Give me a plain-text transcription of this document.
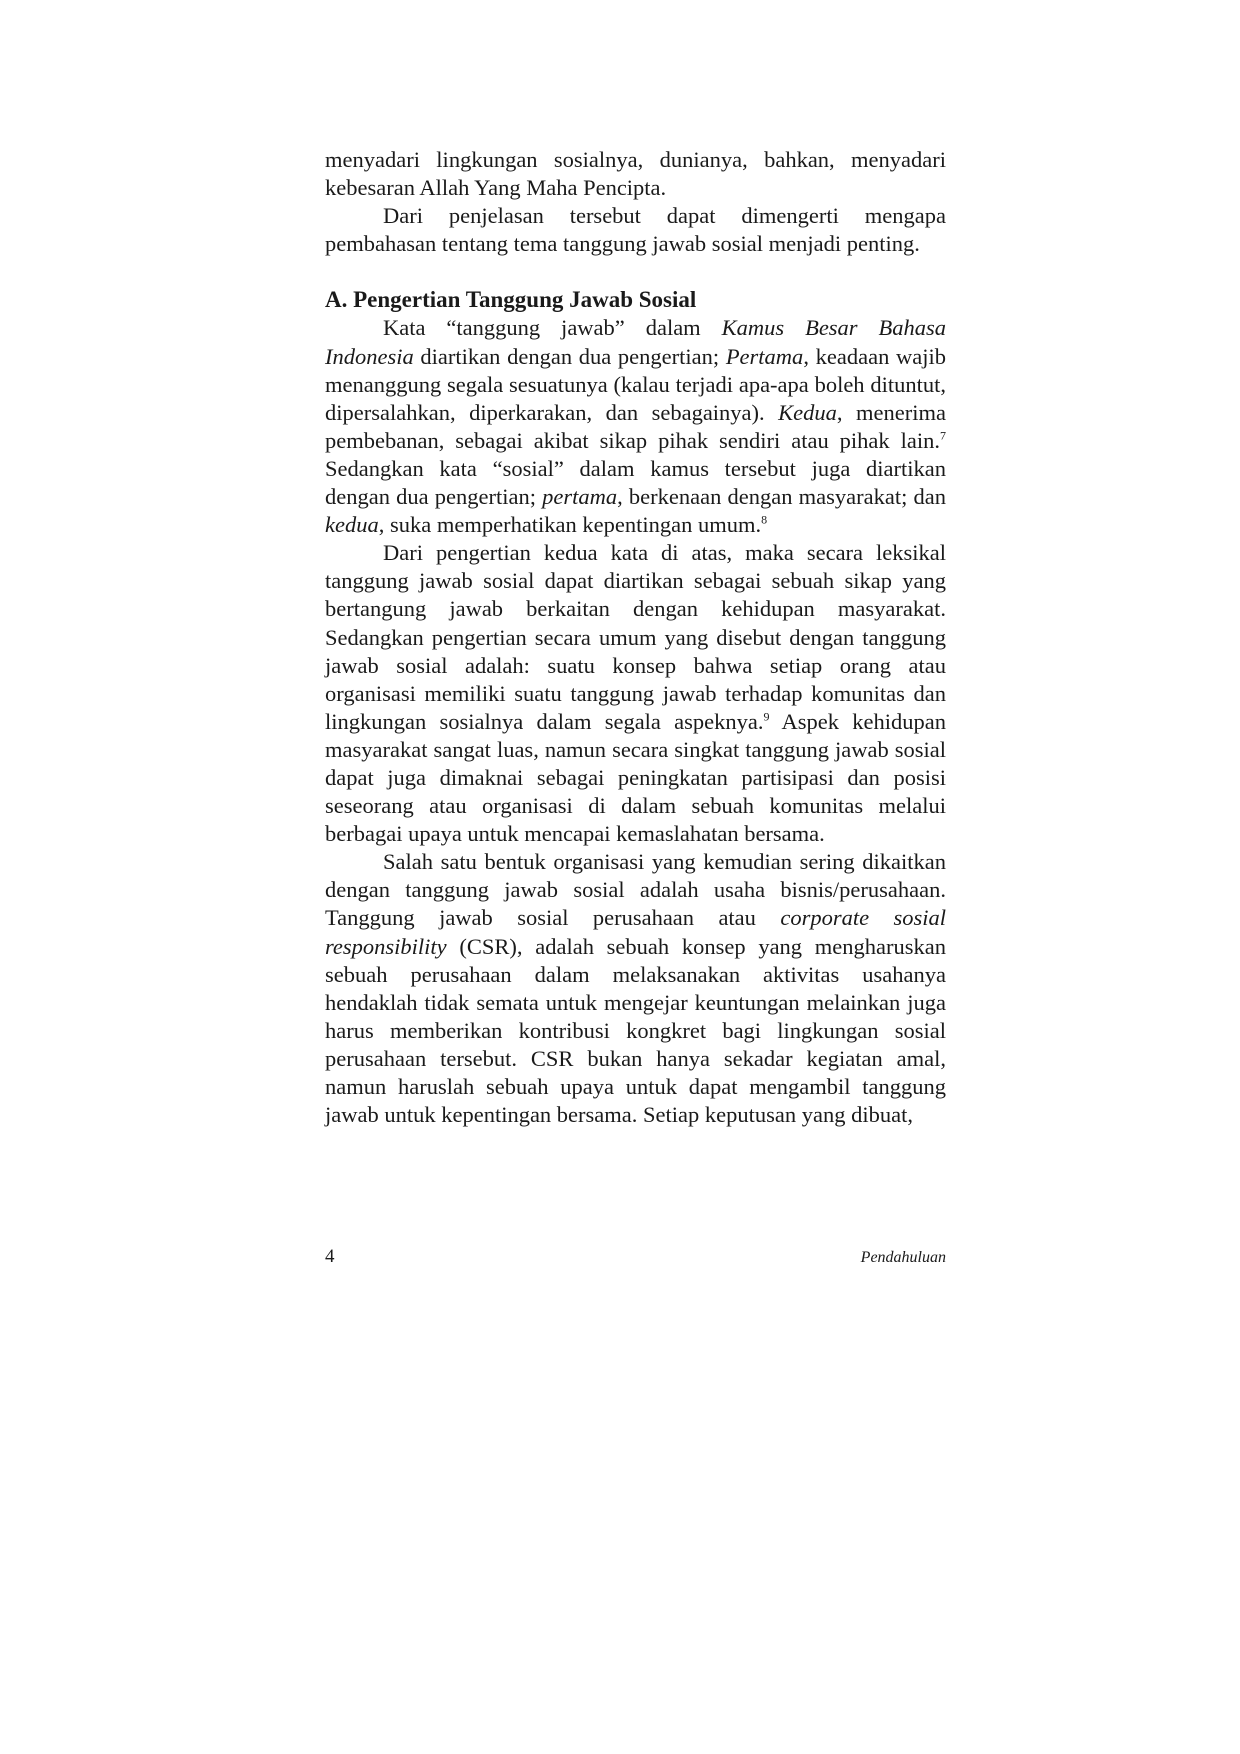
menyadari lingkungan sosialnya, dunianya, bahkan, menyadari kebesaran Allah Yang Maha Pencipta.

Dari penjelasan tersebut dapat dimengerti mengapa pembahasan tentang tema tanggung jawab sosial menjadi penting.

A. Pengertian Tanggung Jawab Sosial

Kata “tanggung jawab” dalam Kamus Besar Bahasa Indonesia diartikan dengan dua pengertian; Pertama, keadaan wajib menanggung segala sesuatunya (kalau terjadi apa-apa boleh dituntut, dipersalahkan, diperkarakan, dan sebagainya). Kedua, menerima pembebanan, sebagai akibat sikap pihak sendiri atau pihak lain.$^7$ Sedangkan kata “sosial” dalam kamus tersebut juga diartikan dengan dua pengertian; pertama, berkenaan dengan masyarakat; dan kedua, suka memperhatikan kepentingan umum.$^8$

Dari pengertian kedua kata di atas, maka secara leksikal tanggung jawab sosial dapat diartikan sebagai sebuah sikap yang bertangung jawab berkaitan dengan kehidupan masyarakat. Sedangkan pengertian secara umum yang disebut dengan tanggung jawab sosial adalah: suatu konsep bahwa setiap orang atau organisasi memiliki suatu tanggung jawab terhadap komunitas dan lingkungan sosialnya dalam segala aspeknya.$^9$ Aspek kehidupan masyarakat sangat luas, namun secara singkat tanggung jawab sosial dapat juga dimaknai sebagai peningkatan partisipasi dan posisi seseorang atau organisasi di dalam sebuah komunitas melalui berbagai upaya untuk mencapai kemaslahatan bersama.

Salah satu bentuk organisasi yang kemudian sering dikaitkan dengan tanggung jawab sosial adalah usaha bisnis/perusahaan. Tanggung jawab sosial perusahaan atau corporate sosial responsibility (CSR), adalah sebuah konsep yang mengharuskan sebuah perusahaan dalam melaksanakan aktivitas usahanya hendaklah tidak semata untuk mengejar keuntungan melainkan juga harus memberikan kontribusi kongkret bagi lingkungan sosial perusahaan tersebut. CSR bukan hanya sekadar kegiatan amal, namun haruslah sebuah upaya untuk dapat mengambil tanggung jawab untuk kepentingan bersama. Setiap keputusan yang dibuat,

4	Pendahuluan
